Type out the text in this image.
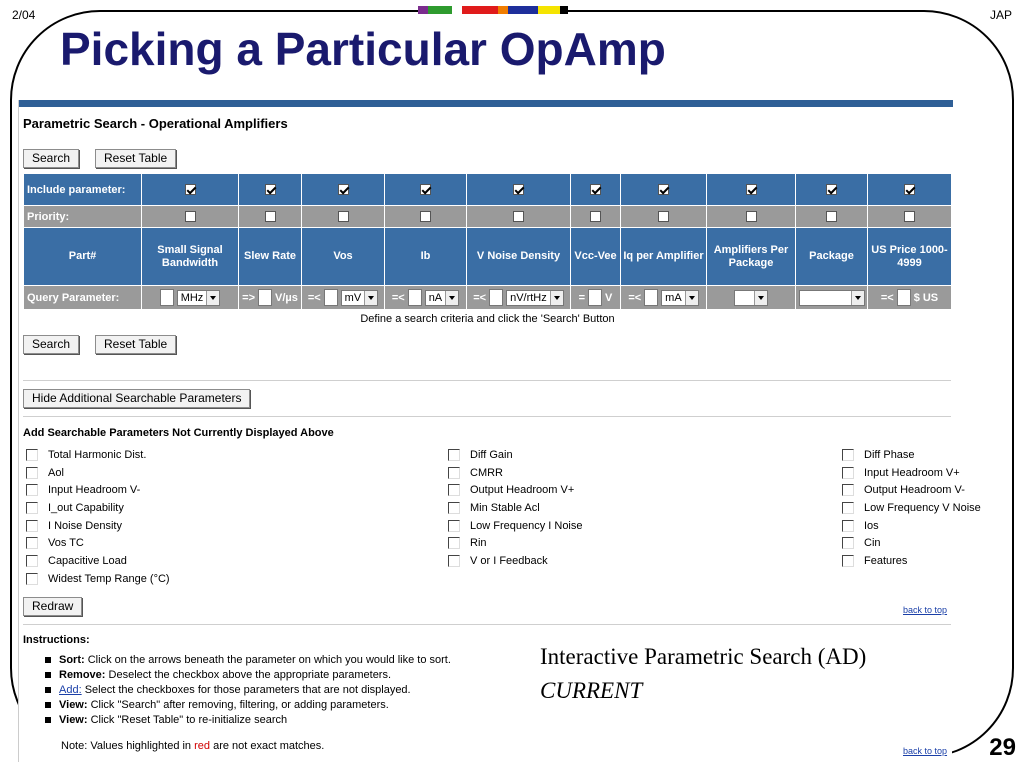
2/04	JAP
Picking a Particular OpAmp
Parametric Search - Operational Amplifiers
Search	Reset Table
Include parameter:										
Priority:										
Part#	Small Signal Bandwidth	Slew Rate	Vos	Ib	V Noise Density	Vcc-Vee	Iq per Amplifier	Amplifiers Per Package	Package	US Price 1000-4999
Query Parameter:	MHz	=> V/µs	=< mV	=< nA	=< nV/rtHz	= V	=< mA			=< $ US

Define a search criteria and click the 'Search' Button										
Search	Reset Table
Hide Additional Searchable Parameters
Add Searchable Parameters Not Currently Displayed Above
Total Harmonic Dist.
Aol
Input Headroom V-
I_out Capability
I Noise Density
Vos TC
Capacitive Load
Widest Temp Range (°C)
Diff Gain
CMRR
Output Headroom V+
Min Stable Acl
Low Frequency I Noise
Rin
V or I Feedback
Diff Phase
Input Headroom V+
Output Headroom V-
Low Frequency V Noise
Ios
Cin
Features
Redraw	back to top
Instructions:
Sort: Click on the arrows beneath the parameter on which you would like to sort.
Remove: Deselect the checkbox above the appropriate parameters.
Add: Select the checkboxes for those parameters that are not displayed.
View: Click "Search" after removing, filtering, or adding parameters.
View: Click "Reset Table" to re-initialize search
Note: Values highlighted in red are not exact matches.	back to top
Interactive Parametric Search (AD)
CURRENT
29
